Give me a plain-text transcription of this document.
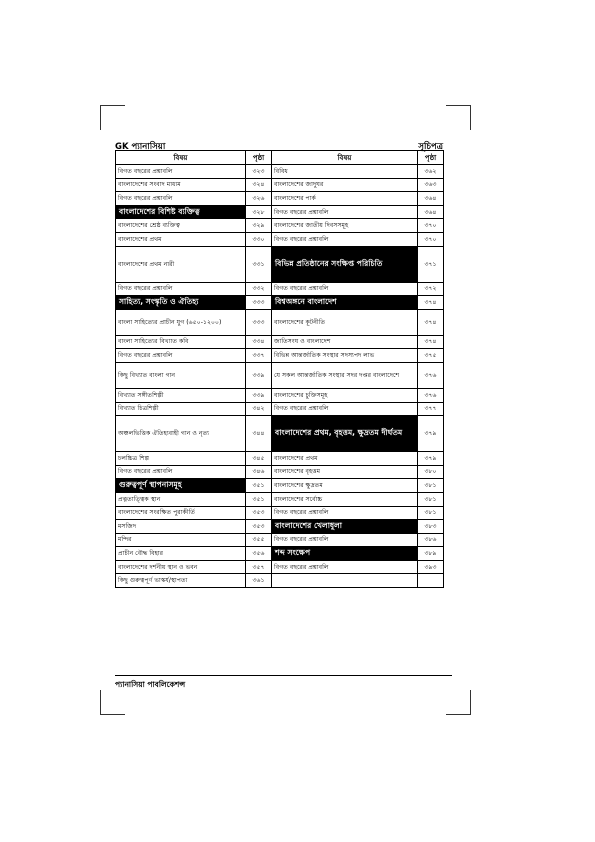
GK প্যানাসিয়া	সূচিপত্র
বিষয়	পৃষ্ঠা	বিষয়	পৃষ্ঠা
বিগত বছরের প্রশ্নাবলি	৩২৩	বিবিধ	৩৬২
বাংলাদেশের সংবাদ মাধ্যম	৩২৪	বাংলাদেশের জাদুঘর	৩৬৩
বিগত বছরের প্রশ্নাবলি	৩২৬	বাংলাদেশের পার্ক	৩৬৪
বাংলাদেশের বিশিষ্ট ব্যক্তিত্ব	৩২৮	বিগত বছরের প্রশ্নাবলি	৩৬৪
বাংলাদেশের শ্রেষ্ঠ ব্যক্তিত্ব	৩২৯	বাংলাদেশের জাতীয় দিবসসমূহ	৩৭০
বাংলাদেশের প্রথম	৩৩০	বিগত বছরের প্রশ্নাবলি	৩৭০
বাংলাদেশের প্রথম নারী	৩৩১	বিভিন্ন প্রতিষ্ঠানের সংক্ষিপ্ত পরিচিতি	৩৭১
বিগত বছরের প্রশ্নাবলি	৩৩২	বিগত বছরের প্রশ্নাবলি	৩৭২
সাহিত্য, সংস্কৃতি ও ঐতিহ্য	৩৩৩	বিশ্বঅঙ্গনে বাংলাদেশ	৩৭৪
বাংলা সাহিত্যের প্রাচীন যুগ (৬৫০-১২০০)	৩৩৩	বাংলাদেশের কূটনীতি	৩৭৪
বাংলা সাহিত্যের বিখ্যাত কবি	৩৩৪	জাতিসংঘ ও বাংলাদেশ	৩৭৪
বিগত বছরের প্রশ্নাবলি	৩৩৭	বিভিন্ন আন্তর্জাতিক সংস্থার সদস্যপদ লাভ	৩৭৫
কিছু বিখ্যাত বাংলা গান	৩৩৯	যে সকল আন্তর্জাতিক সংস্থার সদর দপ্তর বাংলাদেশে	৩৭৬
বিখ্যাত সঙ্গীতশিল্পী	৩৩৯	বাংলাদেশের চুক্তিসমূহ	৩৭৬
বিখ্যাত চিত্রশিল্পী	৩৪২	বিগত বছরের প্রশ্নাবলি	৩৭৭
অঞ্চলভিত্তিক ঐতিহ্যবাহী গান ও নৃত্য	৩৪৪	বাংলাদেশের প্রথম, বৃহত্তম, ক্ষুদ্রতম দীর্ঘতম	৩৭৯
চলচ্চিত্র শিল্প	৩৪৫	বাংলাদেশের প্রথম	৩৭৯
বিগত বছরের প্রশ্নাবলি	৩৪৬	বাংলাদেশের বৃহত্তম	৩৮০
গুরুত্বপূর্ণ স্থাপনাসমূহ	৩৫১	বাংলাদেশের ক্ষুদ্রতম	৩৮১
প্রত্নতাত্ত্বিক স্থান	৩৫১	বাংলাদেশের সর্বোচ্চ	৩৮১
বাংলাদেশের সংরক্ষিত পুরাকীর্তি	৩৫৩	বিগত বছরের প্রশ্নাবলি	৩৮১
মসজিদ	৩৫৩	বাংলাদেশের খেলাধুলা	৩৮৩
মন্দির	৩৫৫	বিগত বছরের প্রশ্নাবলি	৩৮৬
প্রাচীন বৌদ্ধ বিহার	৩৫৬	শব্দ সংক্ষেপ	৩৮৯
বাংলাদেশের দর্শনীয় স্থান ও ভবন	৩৫৭	বিগত বছরের প্রশ্নাবলি	৩৯৩
কিছু গুরুত্বপূর্ণ ভাস্কর্য/স্থাপত্য	৩৬১		
প্যানাসিয়া পাবলিকেশন্স
